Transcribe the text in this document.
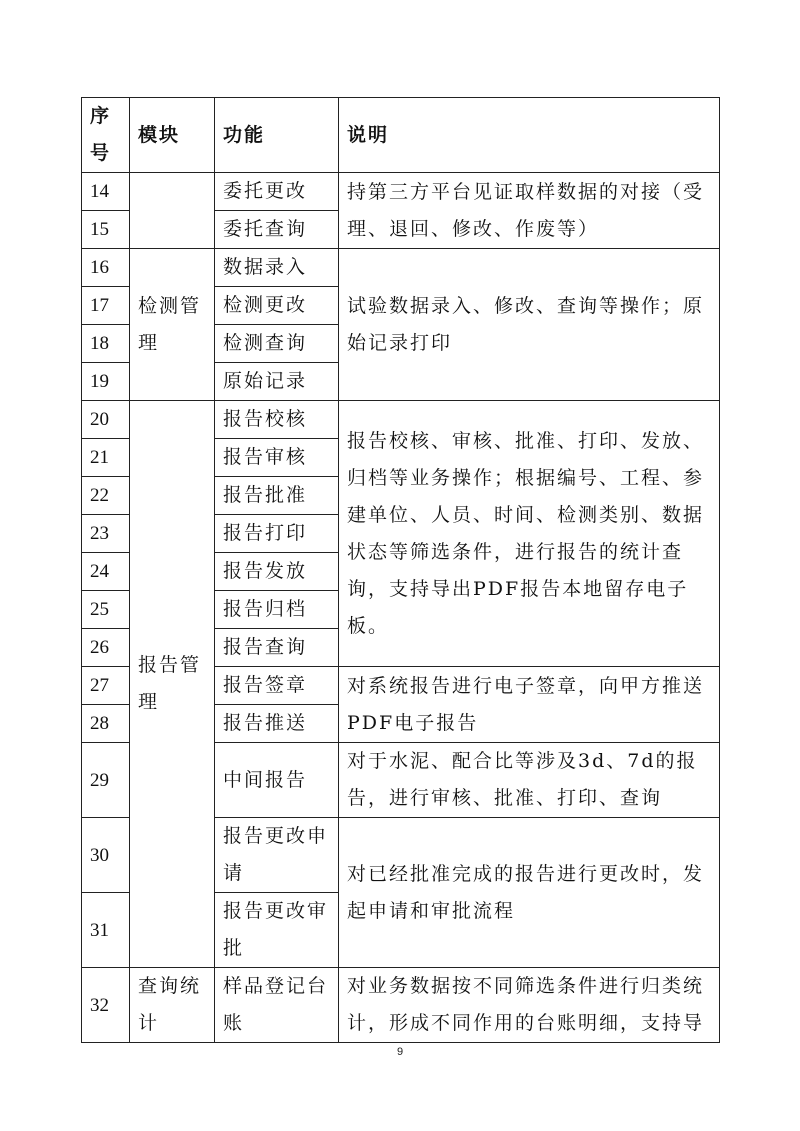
序号	模块	功能	说明
14		委托更改	持第三方平台见证取样数据的对接（受理、退回、修改、作废等）
15		委托查询	
16	检测管理	数据录入	试验数据录入、修改、查询等操作；原始记录打印
17		检测更改	
18		检测查询	
19		原始记录	
20	报告管理	报告校核	报告校核、审核、批准、打印、发放、归档等业务操作；根据编号、工程、参建单位、人员、时间、检测类别、数据状态等筛选条件，进行报告的统计查询，支持导出PDF报告本地留存电子板。
21		报告审核	
22		报告批准	
23		报告打印	
24		报告发放	
25		报告归档	
26		报告查询	
27		报告签章	对系统报告进行电子签章，向甲方推送PDF电子报告
28		报告推送	
29		中间报告	对于水泥、配合比等涉及3d、7d的报告，进行审核、批准、打印、查询
30		报告更改申请	对已经批准完成的报告进行更改时，发起申请和审批流程
31		报告更改审批	
32	查询统计	样品登记台账	对业务数据按不同筛选条件进行归类统计，形成不同作用的台账明细，支持导
9
